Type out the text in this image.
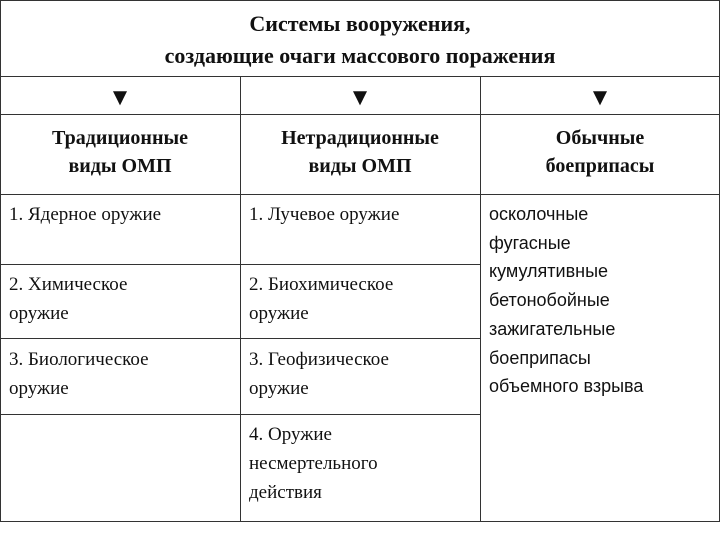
Системы вооружения,
создающие очаги массового поражения
▼	▼	▼
Традиционные
виды ОМП
Нетрадиционные
виды ОМП
Обычные
боеприпасы
1. Ядерное оружие
2. Химическое
оружие
3. Биологическое
оружие
1. Лучевое оружие
2. Биохимическое
оружие
3. Геофизическое
оружие
4. Оружие
несмертельного
действия
осколочные
фугасные
кумулятивные
бетонобойные
зажигательные
боеприпасы
объемного взрыва
